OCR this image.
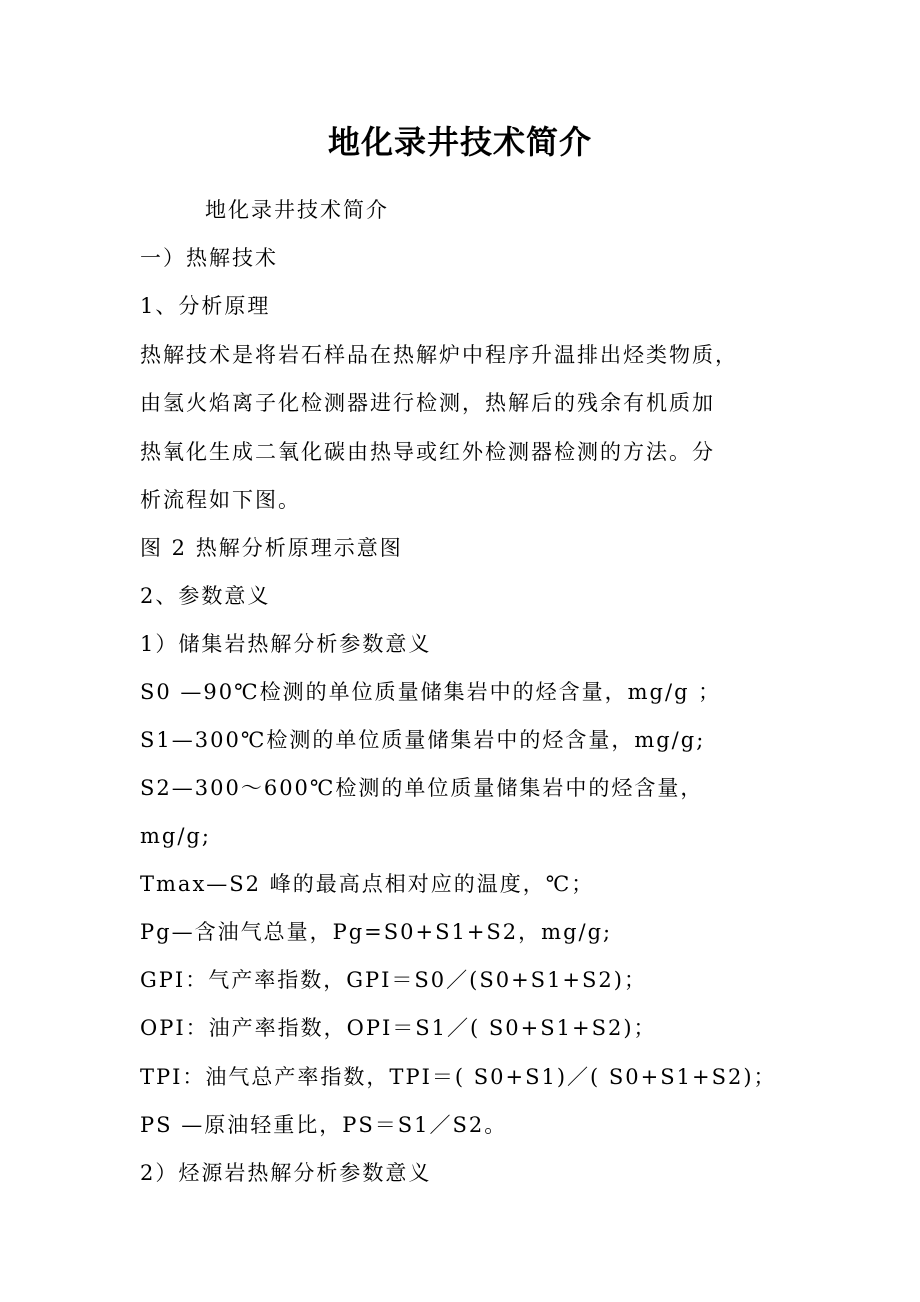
地化录井技术简介

地化录井技术简介

一）热解技术

1、分析原理

热解技术是将岩石样品在热解炉中程序升温排出烃类物质，

由氢火焰离子化检测器进行检测，热解后的残余有机质加

热氧化生成二氧化碳由热导或红外检测器检测的方法。分

析流程如下图。

图 2 热解分析原理示意图

2、参数意义

1）储集岩热解分析参数意义

S0 —90℃检测的单位质量储集岩中的烃含量，mg/g ；

S1—300℃检测的单位质量储集岩中的烃含量，mg/g;

S2—300～600℃检测的单位质量储集岩中的烃含量，

mg/g;

Tmax—S2 峰的最高点相对应的温度，℃；

Pg—含油气总量，Pg=S0+S1+S2，mg/g;

GPI：气产率指数，GPI＝S0／(S0+S1+S2)；

OPI：油产率指数，OPI＝S1／( S0+S1+S2)；

TPI：油气总产率指数，TPI＝( S0+S1)／( S0+S1+S2)；

PS —原油轻重比，PS＝S1／S2。

2）烃源岩热解分析参数意义
